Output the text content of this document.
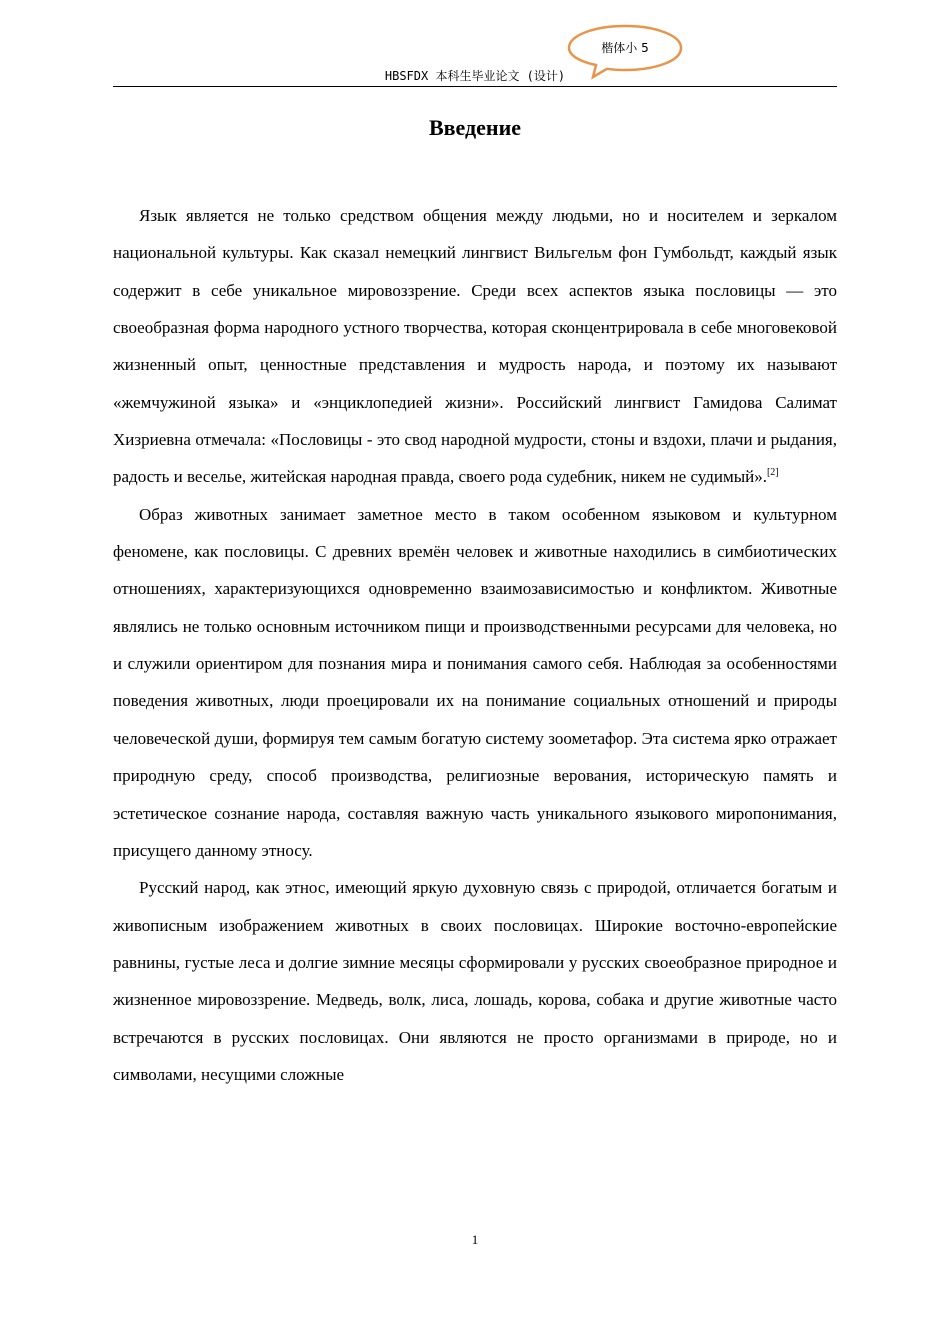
HBSFDX 本科生毕业论文 (设计)
楷体小 5
Введение

Язык является не только средством общения между людьми, но и носителем и зеркалом национальной культуры. Как сказал немецкий лингвист Вильгельм фон Гумбольдт, каждый язык содержит в себе уникальное мировоззрение. Среди всех аспектов языка пословицы — это своеобразная форма народного устного творчества, которая сконцентрировала в себе многовековой жизненный опыт, ценностные представления и мудрость народа, и поэтому их называют «жемчужиной языка» и «энциклопедией жизни». Российский лингвист Гамидова Салимат Хизриевна отмечала: «Пословицы - это свод народной мудрости, стоны и вздохи, плачи и рыдания, радость и веселье, житейская народная правда, своего рода судебник, никем не судимый».[2]

Образ животных занимает заметное место в таком особенном языковом и культурном феномене, как пословицы. С древних времён человек и животные находились в симбиотических отношениях, характеризующихся одновременно взаимозависимостью и конфликтом. Животные являлись не только основным источником пищи и производственными ресурсами для человека, но и служили ориентиром для познания мира и понимания самого себя. Наблюдая за особенностями поведения животных, люди проецировали их на понимание социальных отношений и природы человеческой души, формируя тем самым богатую систему зоометафор. Эта система ярко отражает природную среду, способ производства, религиозные верования, историческую память и эстетическое сознание народа, составляя важную часть уникального языкового миропонимания, присущего данному этносу.

Русский народ, как этнос, имеющий яркую духовную связь с природой, отличается богатым и живописным изображением животных в своих пословицах. Широкие восточно-европейские равнины, густые леса и долгие зимние месяцы сформировали у русских своеобразное природное и жизненное мировоззрение. Медведь, волк, лиса, лошадь, корова, собака и другие животные часто встречаются в русских пословицах. Они являются не просто организмами в природе, но и символами, несущими сложные

1
